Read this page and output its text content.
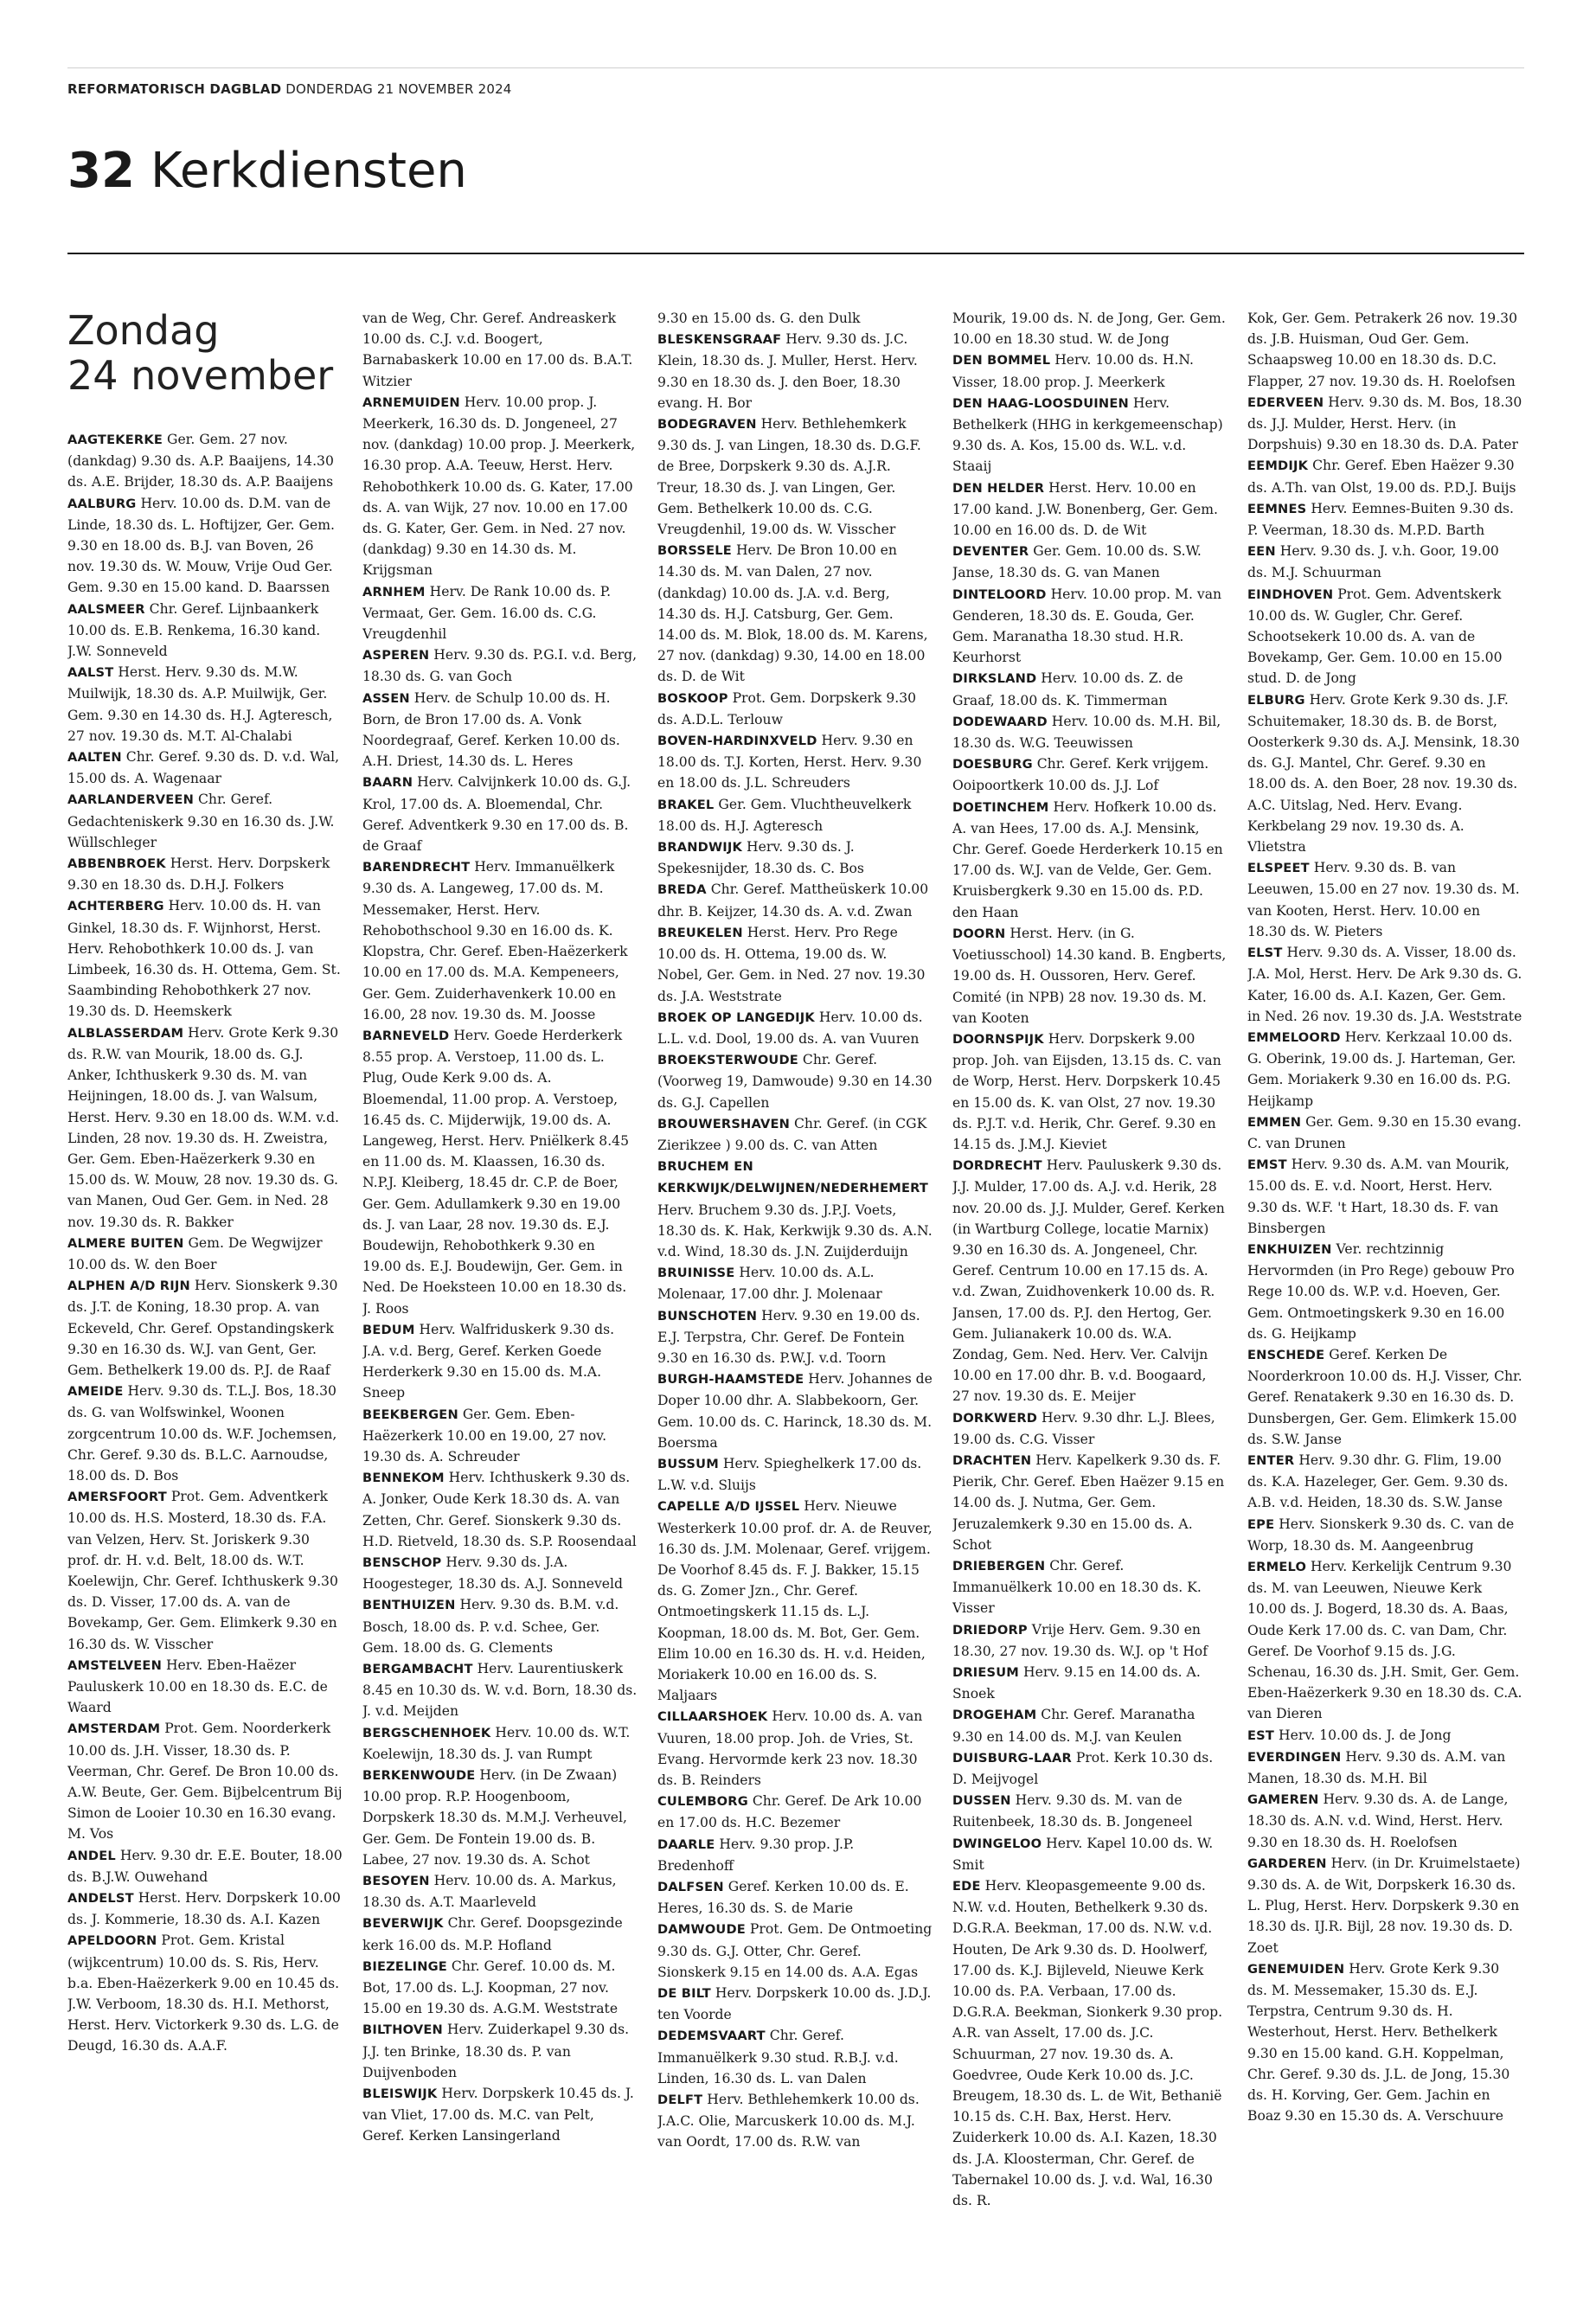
REFORMATORISCH DAGBLAD DONDERDAG 21 NOVEMBER 2024
32 Kerkdiensten
Zondag
24 november

AAGTEKERKE Ger. Gem. 27 nov. (dankdag) 9.30 ds. A.P. Baaijens, 14.30 ds. A.E. Brijder, 18.30 ds. A.P. Baaijens

AALBURG Herv. 10.00 ds. D.M. van de Linde, 18.30 ds. L. Hoftijzer, Ger. Gem. 9.30 en 18.00 ds. B.J. van Boven, 26 nov. 19.30 ds. W. Mouw, Vrije Oud Ger. Gem. 9.30 en 15.00 kand. D. Baarssen

AALSMEER Chr. Geref. Lijnbaankerk 10.00 ds. E.B. Renkema, 16.30 kand. J.W. Sonneveld

AALST Herst. Herv. 9.30 ds. M.W. Muilwijk, 18.30 ds. A.P. Muilwijk, Ger. Gem. 9.30 en 14.30 ds. H.J. Agteresch, 27 nov. 19.30 ds. M.T. Al-Chalabi

AALTEN Chr. Geref. 9.30 ds. D. v.d. Wal, 15.00 ds. A. Wagenaar

AARLANDERVEEN Chr. Geref. Gedachteniskerk 9.30 en 16.30 ds. J.W. Wüllschleger

ABBENBROEK Herst. Herv. Dorpskerk 9.30 en 18.30 ds. D.H.J. Folkers

ACHTERBERG Herv. 10.00 ds. H. van Ginkel, 18.30 ds. F. Wijnhorst, Herst. Herv. Rehobothkerk 10.00 ds. J. van Limbeek, 16.30 ds. H. Ottema, Gem. St. Saambinding Rehobothkerk 27 nov. 19.30 ds. D. Heemskerk

ALBLASSERDAM Herv. Grote Kerk 9.30 ds. R.W. van Mourik, 18.00 ds. G.J. Anker, Ichthuskerk 9.30 ds. M. van Heijningen, 18.00 ds. J. van Walsum, Herst. Herv. 9.30 en 18.00 ds. W.M. v.d. Linden, 28 nov. 19.30 ds. H. Zweistra, Ger. Gem. Eben-Haëzerkerk 9.30 en 15.00 ds. W. Mouw, 28 nov. 19.30 ds. G. van Manen, Oud Ger. Gem. in Ned. 28 nov. 19.30 ds. R. Bakker

ALMERE BUITEN Gem. De Wegwijzer 10.00 ds. W. den Boer

ALPHEN A/D RIJN Herv. Sionskerk 9.30 ds. J.T. de Koning, 18.30 prop. A. van Eckeveld, Chr. Geref. Opstandingskerk 9.30 en 16.30 ds. W.J. van Gent, Ger. Gem. Bethelkerk 19.00 ds. P.J. de Raaf

AMEIDE Herv. 9.30 ds. T.L.J. Bos, 18.30 ds. G. van Wolfswinkel, Woonen zorgcentrum 10.00 ds. W.F. Jochemsen, Chr. Geref. 9.30 ds. B.L.C. Aarnoudse, 18.00 ds. D. Bos

AMERSFOORT Prot. Gem. Adventkerk 10.00 ds. H.S. Mosterd, 18.30 ds. F.A. van Velzen, Herv. St. Joriskerk 9.30 prof. dr. H. v.d. Belt, 18.00 ds. W.T. Koelewijn, Chr. Geref. Ichthuskerk 9.30 ds. D. Visser, 17.00 ds. A. van de Bovekamp, Ger. Gem. Elimkerk 9.30 en 16.30 ds. W. Visscher

AMSTELVEEN Herv. Eben-Haëzer Pauluskerk 10.00 en 18.30 ds. E.C. de Waard

AMSTERDAM Prot. Gem. Noorderkerk 10.00 ds. J.H. Visser, 18.30 ds. P. Veerman, Chr. Geref. De Bron 10.00 ds. A.W. Beute, Ger. Gem. Bijbelcentrum Bij Simon de Looier 10.30 en 16.30 evang. M. Vos

ANDEL Herv. 9.30 dr. E.E. Bouter, 18.00 ds. B.J.W. Ouwehand

ANDELST Herst. Herv. Dorpskerk 10.00 ds. J. Kommerie, 18.30 ds. A.I. Kazen

APELDOORN Prot. Gem. Kristal (wijkcentrum) 10.00 ds. S. Ris, Herv. b.a. Eben-Haëzerkerk 9.00 en 10.45 ds. J.W. Verboom, 18.30 ds. H.I. Methorst, Herst. Herv. Victorkerk 9.30 ds. L.G. de Deugd, 16.30 ds. A.A.F.

van de Weg, Chr. Geref. Andreaskerk 10.00 ds. C.J. v.d. Boogert, Barnabaskerk 10.00 en 17.00 ds. B.A.T. Witzier

ARNEMUIDEN Herv. 10.00 prop. J. Meerkerk, 16.30 ds. D. Jongeneel, 27 nov. (dankdag) 10.00 prop. J. Meerkerk, 16.30 prop. A.A. Teeuw, Herst. Herv. Rehobothkerk 10.00 ds. G. Kater, 17.00 ds. A. van Wijk, 27 nov. 10.00 en 17.00 ds. G. Kater, Ger. Gem. in Ned. 27 nov. (dankdag) 9.30 en 14.30 ds. M. Krijgsman

ARNHEM Herv. De Rank 10.00 ds. P. Vermaat, Ger. Gem. 16.00 ds. C.G. Vreugdenhil

ASPEREN Herv. 9.30 ds. P.G.I. v.d. Berg, 18.30 ds. G. van Goch

ASSEN Herv. de Schulp 10.00 ds. H. Born, de Bron 17.00 ds. A. Vonk Noordegraaf, Geref. Kerken 10.00 ds. A.H. Driest, 14.30 ds. L. Heres

BAARN Herv. Calvijnkerk 10.00 ds. G.J. Krol, 17.00 ds. A. Bloemendal, Chr. Geref. Adventkerk 9.30 en 17.00 ds. B. de Graaf

BARENDRECHT Herv. Immanuëlkerk 9.30 ds. A. Langeweg, 17.00 ds. M. Messemaker, Herst. Herv. Rehobothschool 9.30 en 16.00 ds. K. Klopstra, Chr. Geref. Eben-Haëzerkerk 10.00 en 17.00 ds. M.A. Kempeneers, Ger. Gem. Zuiderhavenkerk 10.00 en 16.00, 28 nov. 19.30 ds. M. Joosse

BARNEVELD Herv. Goede Herderkerk 8.55 prop. A. Verstoep, 11.00 ds. L. Plug, Oude Kerk 9.00 ds. A. Bloemendal, 11.00 prop. A. Verstoep, 16.45 ds. C. Mijderwijk, 19.00 ds. A. Langeweg, Herst. Herv. Pniëlkerk 8.45 en 11.00 ds. M. Klaassen, 16.30 ds. N.P.J. Kleiberg, 18.45 dr. C.P. de Boer, Ger. Gem. Adullamkerk 9.30 en 19.00 ds. J. van Laar, 28 nov. 19.30 ds. E.J. Boudewijn, Rehobothkerk 9.30 en 19.00 ds. E.J. Boudewijn, Ger. Gem. in Ned. De Hoeksteen 10.00 en 18.30 ds. J. Roos

BEDUM Herv. Walfriduskerk 9.30 ds. J.A. v.d. Berg, Geref. Kerken Goede Herderkerk 9.30 en 15.00 ds. M.A. Sneep

BEEKBERGEN Ger. Gem. Eben-Haëzerkerk 10.00 en 19.00, 27 nov. 19.30 ds. A. Schreuder

BENNEKOM Herv. Ichthuskerk 9.30 ds. A. Jonker, Oude Kerk 18.30 ds. A. van Zetten, Chr. Geref. Sionskerk 9.30 ds. H.D. Rietveld, 18.30 ds. S.P. Roosendaal

BENSCHOP Herv. 9.30 ds. J.A. Hoogesteger, 18.30 ds. A.J. Sonneveld

BENTHUIZEN Herv. 9.30 ds. B.M. v.d. Bosch, 18.00 ds. P. v.d. Schee, Ger. Gem. 18.00 ds. G. Clements

BERGAMBACHT Herv. Laurentiuskerk 8.45 en 10.30 ds. W. v.d. Born, 18.30 ds. J. v.d. Meijden

BERGSCHENHOEK Herv. 10.00 ds. W.T. Koelewijn, 18.30 ds. J. van Rumpt

BERKENWOUDE Herv. (in De Zwaan) 10.00 prop. R.P. Hoogenboom, Dorpskerk 18.30 ds. M.M.J. Verheuvel, Ger. Gem. De Fontein 19.00 ds. B. Labee, 27 nov. 19.30 ds. A. Schot

BESOYEN Herv. 10.00 ds. A. Markus, 18.30 ds. A.T. Maarleveld

BEVERWIJK Chr. Geref. Doopsgezinde kerk 16.00 ds. M.P. Hofland

BIEZELINGE Chr. Geref. 10.00 ds. M. Bot, 17.00 ds. L.J. Koopman, 27 nov. 15.00 en 19.30 ds. A.G.M. Weststrate

BILTHOVEN Herv. Zuiderkapel 9.30 ds. J.J. ten Brinke, 18.30 ds. P. van Duijvenboden

BLEISWIJK Herv. Dorpskerk 10.45 ds. J. van Vliet, 17.00 ds. M.C. van Pelt, Geref. Kerken Lansingerland

9.30 en 15.00 ds. G. den Dulk

BLESKENSGRAAF Herv. 9.30 ds. J.C. Klein, 18.30 ds. J. Muller, Herst. Herv. 9.30 en 18.30 ds. J. den Boer, 18.30 evang. H. Bor

BODEGRAVEN Herv. Bethlehemkerk 9.30 ds. J. van Lingen, 18.30 ds. D.G.F. de Bree, Dorpskerk 9.30 ds. A.J.R. Treur, 18.30 ds. J. van Lingen, Ger. Gem. Bethelkerk 10.00 ds. C.G. Vreugdenhil, 19.00 ds. W. Visscher

BORSSELE Herv. De Bron 10.00 en 14.30 ds. M. van Dalen, 27 nov. (dankdag) 10.00 ds. J.A. v.d. Berg, 14.30 ds. H.J. Catsburg, Ger. Gem. 14.00 ds. M. Blok, 18.00 ds. M. Karens, 27 nov. (dankdag) 9.30, 14.00 en 18.00 ds. D. de Wit

BOSKOOP Prot. Gem. Dorpskerk 9.30 ds. A.D.L. Terlouw

BOVEN-HARDINXVELD Herv. 9.30 en 18.00 ds. T.J. Korten, Herst. Herv. 9.30 en 18.00 ds. J.L. Schreuders

BRAKEL Ger. Gem. Vluchtheuvelkerk 18.00 ds. H.J. Agteresch

BRANDWIJK Herv. 9.30 ds. J. Spekesnijder, 18.30 ds. C. Bos

BREDA Chr. Geref. Mattheüskerk 10.00 dhr. B. Keijzer, 14.30 ds. A. v.d. Zwan

BREUKELEN Herst. Herv. Pro Rege 10.00 ds. H. Ottema, 19.00 ds. W. Nobel, Ger. Gem. in Ned. 27 nov. 19.30 ds. J.A. Weststrate

BROEK OP LANGEDIJK Herv. 10.00 ds. L.L. v.d. Dool, 19.00 ds. A. van Vuuren

BROEKSTERWOUDE Chr. Geref. (Voorweg 19, Damwoude) 9.30 en 14.30 ds. G.J. Capellen

BROUWERSHAVEN Chr. Geref. (in CGK Zierikzee ) 9.00 ds. C. van Atten

BRUCHEM EN KERKWIJK/DELWIJNEN/NEDERHEMERT Herv. Bruchem 9.30 ds. J.P.J. Voets, 18.30 ds. K. Hak, Kerkwijk 9.30 ds. A.N. v.d. Wind, 18.30 ds. J.N. Zuijderduijn

BRUINISSE Herv. 10.00 ds. A.L. Molenaar, 17.00 dhr. J. Molenaar

BUNSCHOTEN Herv. 9.30 en 19.00 ds. E.J. Terpstra, Chr. Geref. De Fontein 9.30 en 16.30 ds. P.W.J. v.d. Toorn

BURGH-HAAMSTEDE Herv. Johannes de Doper 10.00 dhr. A. Slabbekoorn, Ger. Gem. 10.00 ds. C. Harinck, 18.30 ds. M. Boersma

BUSSUM Herv. Spieghelkerk 17.00 ds. L.W. v.d. Sluijs

CAPELLE A/D IJSSEL Herv. Nieuwe Westerkerk 10.00 prof. dr. A. de Reuver, 16.30 ds. J.M. Molenaar, Geref. vrijgem. De Voorhof 8.45 ds. F. J. Bakker, 15.15 ds. G. Zomer Jzn., Chr. Geref. Ontmoetingskerk 11.15 ds. L.J. Koopman, 18.00 ds. M. Bot, Ger. Gem. Elim 10.00 en 16.30 ds. H. v.d. Heiden, Moriakerk 10.00 en 16.00 ds. S. Maljaars

CILLAARSHOEK Herv. 10.00 ds. A. van Vuuren, 18.00 prop. Joh. de Vries, St. Evang. Hervormde kerk 23 nov. 18.30 ds. B. Reinders

CULEMBORG Chr. Geref. De Ark 10.00 en 17.00 ds. H.C. Bezemer

DAARLE Herv. 9.30 prop. J.P. Bredenhoff

DALFSEN Geref. Kerken 10.00 ds. E. Heres, 16.30 ds. S. de Marie

DAMWOUDE Prot. Gem. De Ontmoeting 9.30 ds. G.J. Otter, Chr. Geref. Sionskerk 9.15 en 14.00 ds. A.A. Egas

DE BILT Herv. Dorpskerk 10.00 ds. J.D.J. ten Voorde

DEDEMSVAART Chr. Geref. Immanuëlkerk 9.30 stud. R.B.J. v.d. Linden, 16.30 ds. L. van Dalen

DELFT Herv. Bethlehemkerk 10.00 ds. J.A.C. Olie, Marcuskerk 10.00 ds. M.J. van Oordt, 17.00 ds. R.W. van

Mourik, 19.00 ds. N. de Jong, Ger. Gem. 10.00 en 18.30 stud. W. de Jong

DEN BOMMEL Herv. 10.00 ds. H.N. Visser, 18.00 prop. J. Meerkerk

DEN HAAG-LOOSDUINEN Herv. Bethelkerk (HHG in kerkgemeenschap) 9.30 ds. A. Kos, 15.00 ds. W.L. v.d. Staaij

DEN HELDER Herst. Herv. 10.00 en 17.00 kand. J.W. Bonenberg, Ger. Gem. 10.00 en 16.00 ds. D. de Wit

DEVENTER Ger. Gem. 10.00 ds. S.W. Janse, 18.30 ds. G. van Manen

DINTELOORD Herv. 10.00 prop. M. van Genderen, 18.30 ds. E. Gouda, Ger. Gem. Maranatha 18.30 stud. H.R. Keurhorst

DIRKSLAND Herv. 10.00 ds. Z. de Graaf, 18.00 ds. K. Timmerman

DODEWAARD Herv. 10.00 ds. M.H. Bil, 18.30 ds. W.G. Teeuwissen

DOESBURG Chr. Geref. Kerk vrijgem. Ooipoortkerk 10.00 ds. J.J. Lof

DOETINCHEM Herv. Hofkerk 10.00 ds. A. van Hees, 17.00 ds. A.J. Mensink, Chr. Geref. Goede Herderkerk 10.15 en 17.00 ds. W.J. van de Velde, Ger. Gem. Kruisbergkerk 9.30 en 15.00 ds. P.D. den Haan

DOORN Herst. Herv. (in G. Voetiusschool) 14.30 kand. B. Engberts, 19.00 ds. H. Oussoren, Herv. Geref. Comité (in NPB) 28 nov. 19.30 ds. M. van Kooten

DOORNSPIJK Herv. Dorpskerk 9.00 prop. Joh. van Eijsden, 13.15 ds. C. van de Worp, Herst. Herv. Dorpskerk 10.45 en 15.00 ds. K. van Olst, 27 nov. 19.30 ds. P.J.T. v.d. Herik, Chr. Geref. 9.30 en 14.15 ds. J.M.J. Kieviet

DORDRECHT Herv. Pauluskerk 9.30 ds. J.J. Mulder, 17.00 ds. A.J. v.d. Herik, 28 nov. 20.00 ds. J.J. Mulder, Geref. Kerken (in Wartburg College, locatie Marnix) 9.30 en 16.30 ds. A. Jongeneel, Chr. Geref. Centrum 10.00 en 17.15 ds. A. v.d. Zwan, Zuidhovenkerk 10.00 ds. R. Jansen, 17.00 ds. P.J. den Hertog, Ger. Gem. Julianakerk 10.00 ds. W.A. Zondag, Gem. Ned. Herv. Ver. Calvijn 10.00 en 17.00 dhr. B. v.d. Boogaard, 27 nov. 19.30 ds. E. Meijer

DORKWERD Herv. 9.30 dhr. L.J. Blees, 19.00 ds. C.G. Visser

DRACHTEN Herv. Kapelkerk 9.30 ds. F. Pierik, Chr. Geref. Eben Haëzer 9.15 en 14.00 ds. J. Nutma, Ger. Gem. Jeruzalemkerk 9.30 en 15.00 ds. A. Schot

DRIEBERGEN Chr. Geref. Immanuëlkerk 10.00 en 18.30 ds. K. Visser

DRIEDORP Vrije Herv. Gem. 9.30 en 18.30, 27 nov. 19.30 ds. W.J. op 't Hof

DRIESUM Herv. 9.15 en 14.00 ds. A. Snoek

DROGEHAM Chr. Geref. Maranatha 9.30 en 14.00 ds. M.J. van Keulen

DUISBURG-LAAR Prot. Kerk 10.30 ds. D. Meijvogel

DUSSEN Herv. 9.30 ds. M. van de Ruitenbeek, 18.30 ds. B. Jongeneel

DWINGELOO Herv. Kapel 10.00 ds. W. Smit

EDE Herv. Kleopasgemeente 9.00 ds. N.W. v.d. Houten, Bethelkerk 9.30 ds. D.G.R.A. Beekman, 17.00 ds. N.W. v.d. Houten, De Ark 9.30 ds. D. Hoolwerf, 17.00 ds. K.J. Bijleveld, Nieuwe Kerk 10.00 ds. P.A. Verbaan, 17.00 ds. D.G.R.A. Beekman, Sionkerk 9.30 prop. A.R. van Asselt, 17.00 ds. J.C. Schuurman, 27 nov. 19.30 ds. A. Goedvree, Oude Kerk 10.00 ds. J.C. Breugem, 18.30 ds. L. de Wit, Bethanië 10.15 ds. C.H. Bax, Herst. Herv. Zuiderkerk 10.00 ds. A.I. Kazen, 18.30 ds. J.A. Kloosterman, Chr. Geref. de Tabernakel 10.00 ds. J. v.d. Wal, 16.30 ds. R.

Kok, Ger. Gem. Petrakerk 26 nov. 19.30 ds. J.B. Huisman, Oud Ger. Gem. Schaapsweg 10.00 en 18.30 ds. D.C. Flapper, 27 nov. 19.30 ds. H. Roelofsen

EDERVEEN Herv. 9.30 ds. M. Bos, 18.30 ds. J.J. Mulder, Herst. Herv. (in Dorpshuis) 9.30 en 18.30 ds. D.A. Pater

EEMDIJK Chr. Geref. Eben Haëzer 9.30 ds. A.Th. van Olst, 19.00 ds. P.D.J. Buijs

EEMNES Herv. Eemnes-Buiten 9.30 ds. P. Veerman, 18.30 ds. M.P.D. Barth

EEN Herv. 9.30 ds. J. v.h. Goor, 19.00 ds. M.J. Schuurman

EINDHOVEN Prot. Gem. Adventskerk 10.00 ds. W. Gugler, Chr. Geref. Schootsekerk 10.00 ds. A. van de Bovekamp, Ger. Gem. 10.00 en 15.00 stud. D. de Jong

ELBURG Herv. Grote Kerk 9.30 ds. J.F. Schuitemaker, 18.30 ds. B. de Borst, Oosterkerk 9.30 ds. A.J. Mensink, 18.30 ds. G.J. Mantel, Chr. Geref. 9.30 en 18.00 ds. A. den Boer, 28 nov. 19.30 ds. A.C. Uitslag, Ned. Herv. Evang. Kerkbelang 29 nov. 19.30 ds. A. Vlietstra

ELSPEET Herv. 9.30 ds. B. van Leeuwen, 15.00 en 27 nov. 19.30 ds. M. van Kooten, Herst. Herv. 10.00 en 18.30 ds. W. Pieters

ELST Herv. 9.30 ds. A. Visser, 18.00 ds. J.A. Mol, Herst. Herv. De Ark 9.30 ds. G. Kater, 16.00 ds. A.I. Kazen, Ger. Gem. in Ned. 26 nov. 19.30 ds. J.A. Weststrate

EMMELOORD Herv. Kerkzaal 10.00 ds. G. Oberink, 19.00 ds. J. Harteman, Ger. Gem. Moriakerk 9.30 en 16.00 ds. P.G. Heijkamp

EMMEN Ger. Gem. 9.30 en 15.30 evang. C. van Drunen

EMST Herv. 9.30 ds. A.M. van Mourik, 15.00 ds. E. v.d. Noort, Herst. Herv. 9.30 ds. W.F. 't Hart, 18.30 ds. F. van Binsbergen

ENKHUIZEN Ver. rechtzinnig Hervormden (in Pro Rege) gebouw Pro Rege 10.00 ds. W.P. v.d. Hoeven, Ger. Gem. Ontmoetingskerk 9.30 en 16.00 ds. G. Heijkamp

ENSCHEDE Geref. Kerken De Noorderkroon 10.00 ds. H.J. Visser, Chr. Geref. Renatakerk 9.30 en 16.30 ds. D. Dunsbergen, Ger. Gem. Elimkerk 15.00 ds. S.W. Janse

ENTER Herv. 9.30 dhr. G. Flim, 19.00 ds. K.A. Hazeleger, Ger. Gem. 9.30 ds. A.B. v.d. Heiden, 18.30 ds. S.W. Janse

EPE Herv. Sionskerk 9.30 ds. C. van de Worp, 18.30 ds. M. Aangeenbrug

ERMELO Herv. Kerkelijk Centrum 9.30 ds. M. van Leeuwen, Nieuwe Kerk 10.00 ds. J. Bogerd, 18.30 ds. A. Baas, Oude Kerk 17.00 ds. C. van Dam, Chr. Geref. De Voorhof 9.15 ds. J.G. Schenau, 16.30 ds. J.H. Smit, Ger. Gem. Eben-Haëzerkerk 9.30 en 18.30 ds. C.A. van Dieren

EST Herv. 10.00 ds. J. de Jong

EVERDINGEN Herv. 9.30 ds. A.M. van Manen, 18.30 ds. M.H. Bil

GAMEREN Herv. 9.30 ds. A. de Lange, 18.30 ds. A.N. v.d. Wind, Herst. Herv. 9.30 en 18.30 ds. H. Roelofsen

GARDEREN Herv. (in Dr. Kruimelstaete) 9.30 ds. A. de Wit, Dorpskerk 16.30 ds. L. Plug, Herst. Herv. Dorpskerk 9.30 en 18.30 ds. IJ.R. Bijl, 28 nov. 19.30 ds. D. Zoet

GENEMUIDEN Herv. Grote Kerk 9.30 ds. M. Messemaker, 15.30 ds. E.J. Terpstra, Centrum 9.30 ds. H. Westerhout, Herst. Herv. Bethelkerk 9.30 en 15.00 kand. G.H. Koppelman, Chr. Geref. 9.30 ds. J.L. de Jong, 15.30 ds. H. Korving, Ger. Gem. Jachin en Boaz 9.30 en 15.30 ds. A. Verschuure
